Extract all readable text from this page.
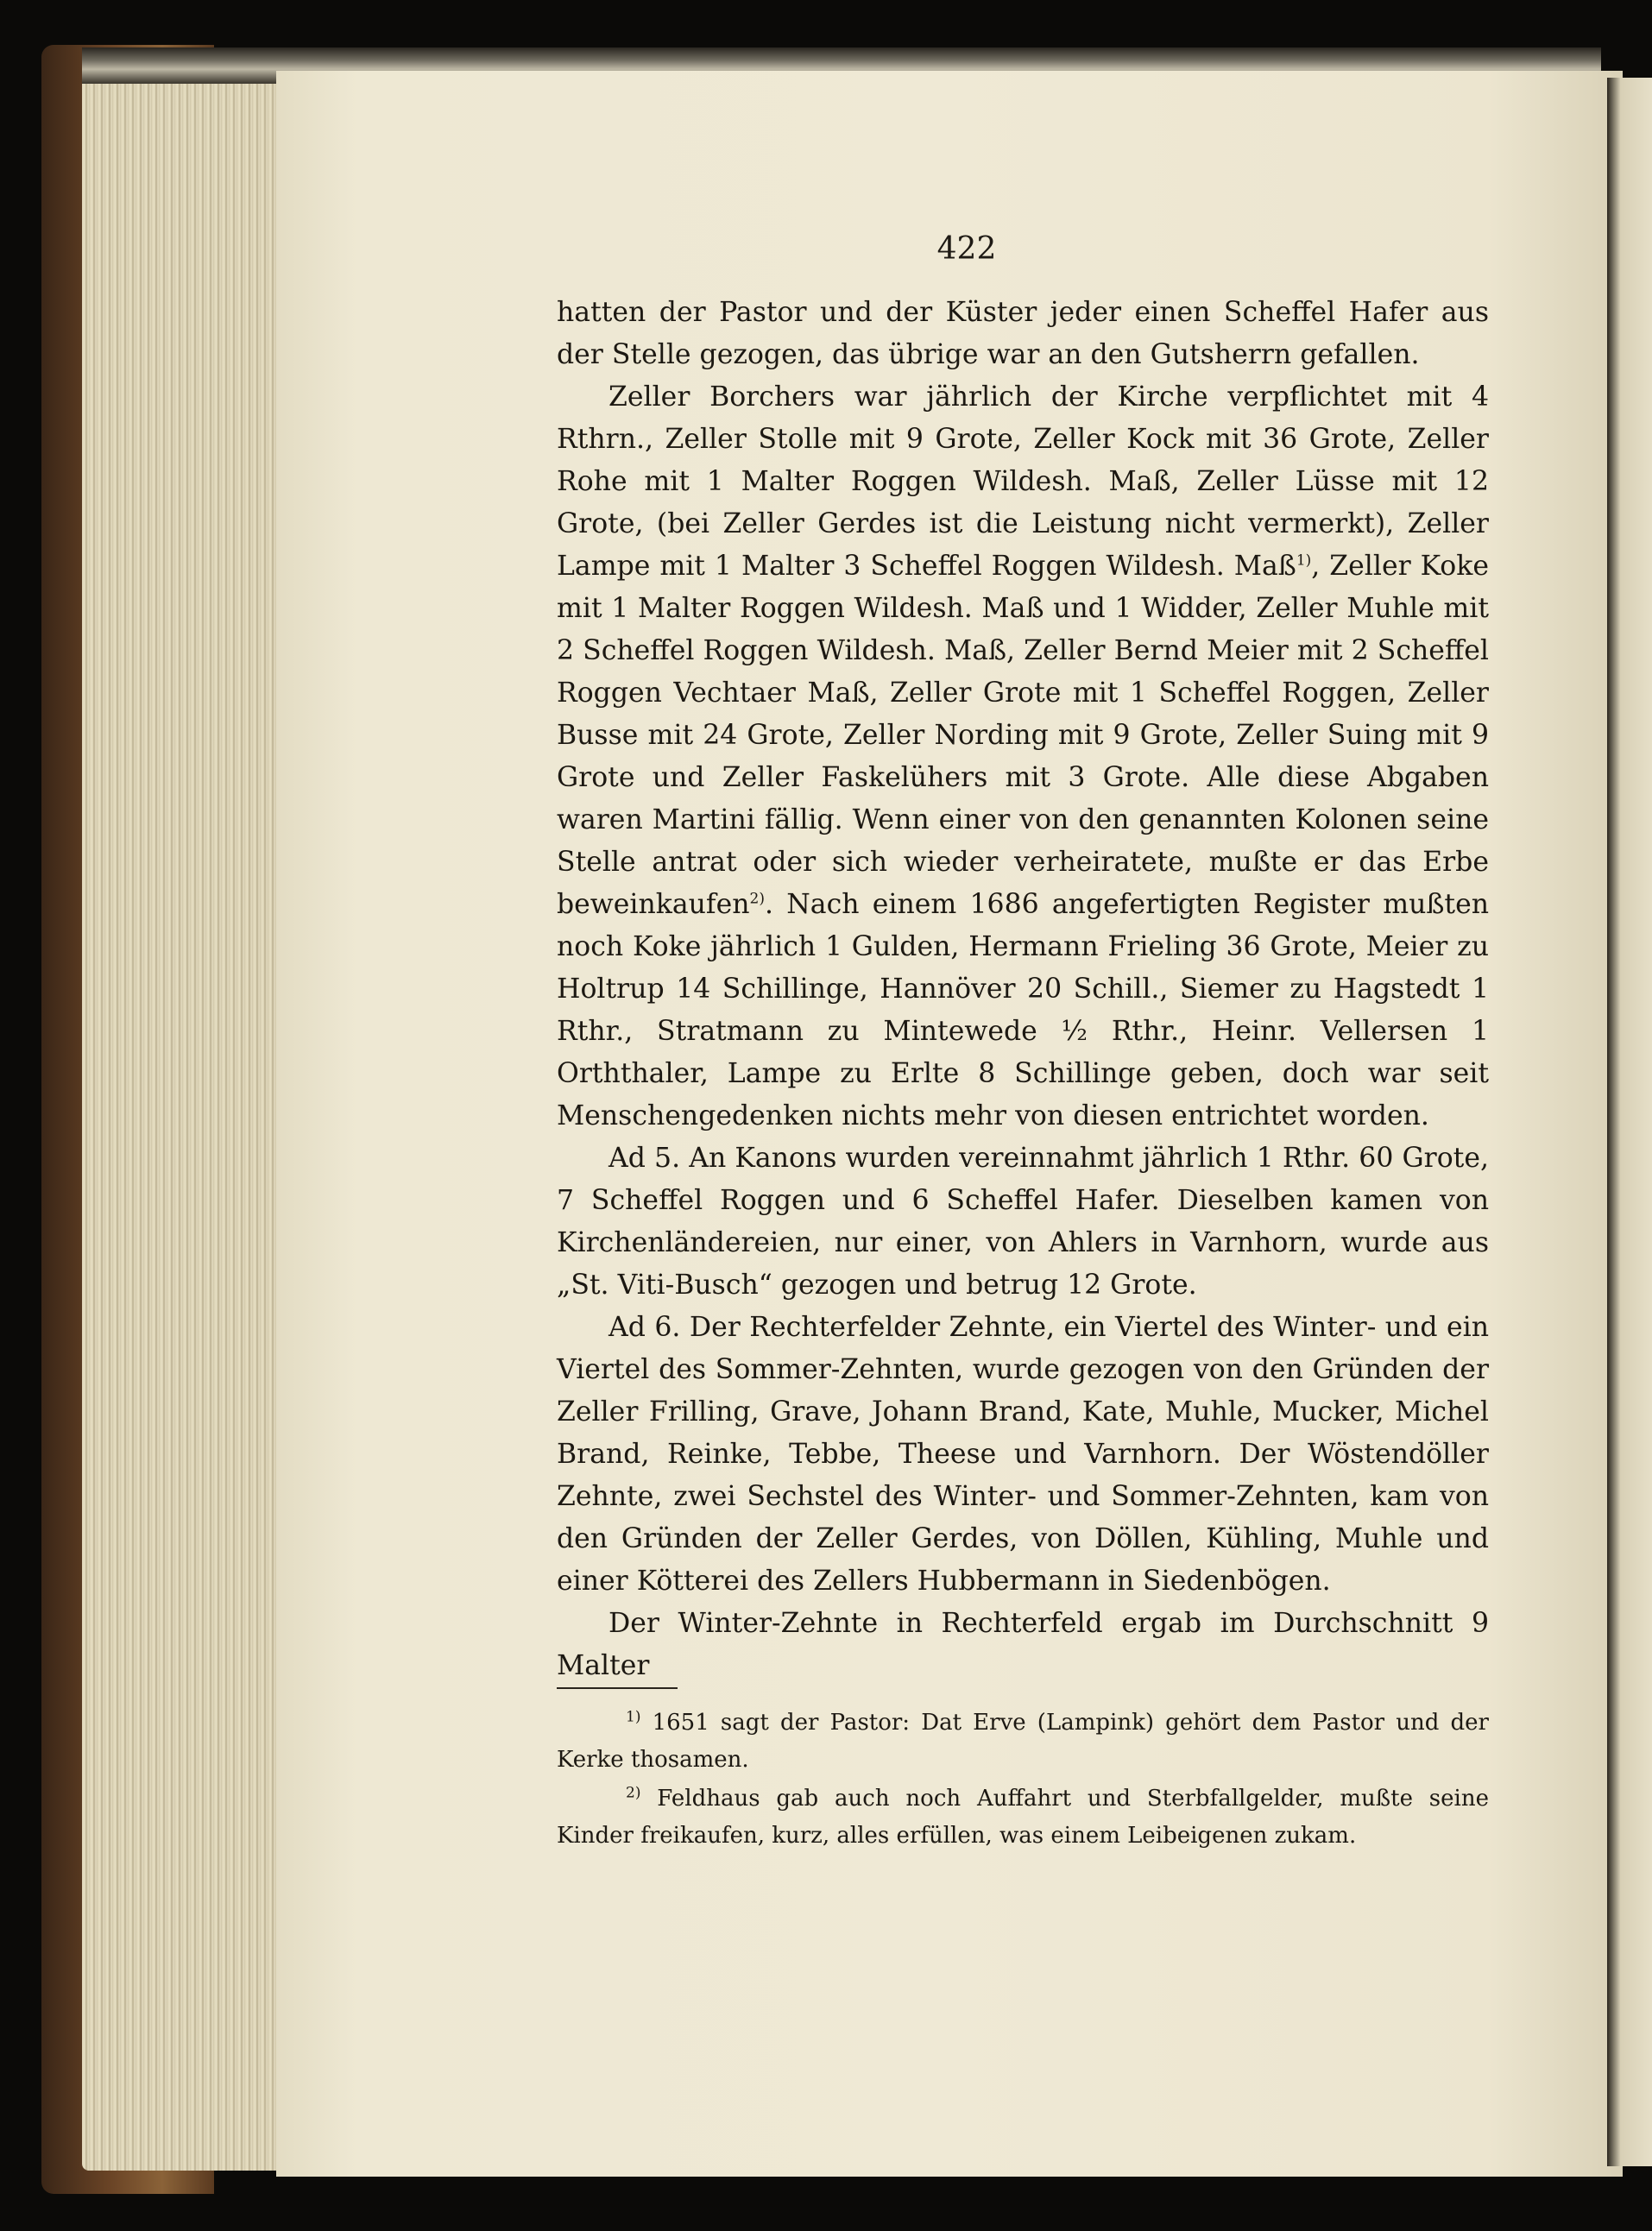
422

hatten der Pastor und der Küster jeder einen Scheffel Hafer aus der Stelle gezogen, das übrige war an den Gutsherrn gefallen.

Zeller Borchers war jährlich der Kirche verpflichtet mit 4 Rthrn., Zeller Stolle mit 9 Grote, Zeller Kock mit 36 Grote, Zeller Rohe mit 1 Malter Roggen Wildesh. Maß, Zeller Lüsse mit 12 Grote, (bei Zeller Gerdes ist die Leistung nicht vermerkt), Zeller Lampe mit 1 Malter 3 Scheffel Roggen Wildesh. Maß$^{1)}$, Zeller Koke mit 1 Malter Roggen Wildesh. Maß und 1 Widder, Zeller Muhle mit 2 Scheffel Roggen Wildesh. Maß, Zeller Bernd Meier mit 2 Scheffel Roggen Vechtaer Maß, Zeller Grote mit 1 Scheffel Roggen, Zeller Busse mit 24 Grote, Zeller Nording mit 9 Grote, Zeller Suing mit 9 Grote und Zeller Faskelühers mit 3 Grote. Alle diese Abgaben waren Martini fällig. Wenn einer von den genannten Kolonen seine Stelle antrat oder sich wieder verheiratete, mußte er das Erbe beweinkaufen$^{2)}$. Nach einem 1686 angefertigten Register mußten noch Koke jährlich 1 Gulden, Hermann Frieling 36 Grote, Meier zu Holtrup 14 Schillinge, Hannöver 20 Schill., Siemer zu Hagstedt 1 Rthr., Stratmann zu Mintewede ½ Rthr., Heinr. Vellersen 1 Orththaler, Lampe zu Erlte 8 Schillinge geben, doch war seit Menschengedenken nichts mehr von diesen entrichtet worden.

Ad 5. An Kanons wurden vereinnahmt jährlich 1 Rthr. 60 Grote, 7 Scheffel Roggen und 6 Scheffel Hafer. Dieselben kamen von Kirchenländereien, nur einer, von Ahlers in Varnhorn, wurde aus „St. Viti-Busch“ gezogen und betrug 12 Grote.

Ad 6. Der Rechterfelder Zehnte, ein Viertel des Winter- und ein Viertel des Sommer-Zehnten, wurde gezogen von den Gründen der Zeller Frilling, Grave, Johann Brand, Kate, Muhle, Mucker, Michel Brand, Reinke, Tebbe, Theese und Varnhorn. Der Wöstendöller Zehnte, zwei Sechstel des Winter- und Sommer-Zehnten, kam von den Gründen der Zeller Gerdes, von Döllen, Kühling, Muhle und einer Kötterei des Zellers Hubbermann in Siedenbögen.

Der Winter-Zehnte in Rechterfeld ergab im Durchschnitt 9 Malter

$^{1)}$ 1651 sagt der Pastor: Dat Erve (Lampink) gehört dem Pastor und der Kerke thosamen.

$^{2)}$ Feldhaus gab auch noch Auffahrt und Sterbfallgelder, mußte seine Kinder freikaufen, kurz, alles erfüllen, was einem Leibeigenen zukam.
